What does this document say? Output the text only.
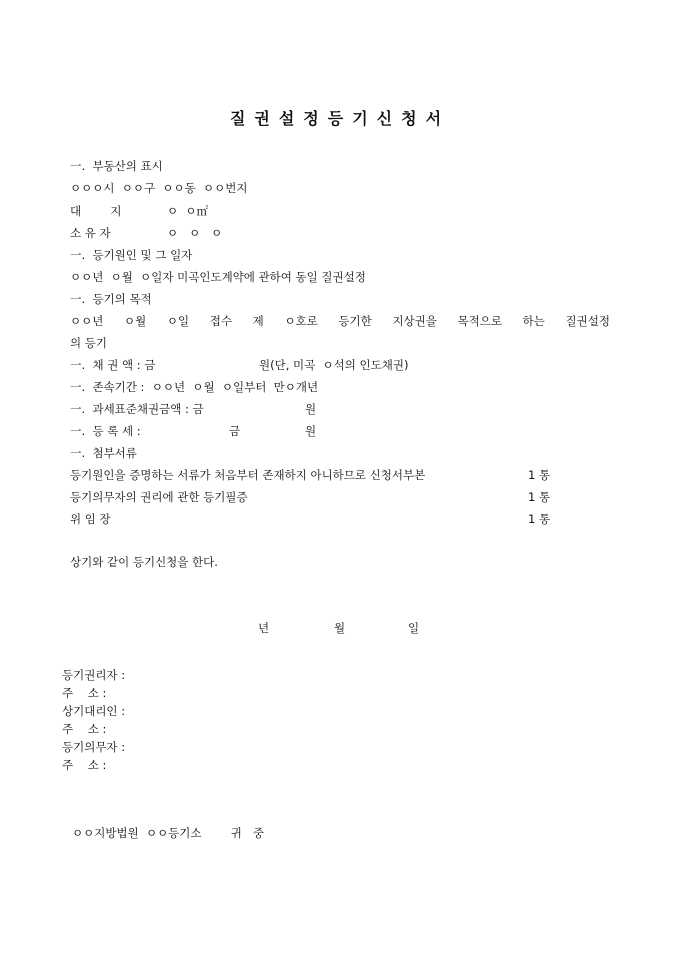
질권설정등기신청서
一.  부동산의 표시
ㅇㅇㅇ시  ㅇㅇ구  ㅇㅇ동  ㅇㅇ번지
대        지	ㅇ  ㅇ㎡
소 유 자	ㅇ   ㅇ   ㅇ
一.  등기원인 및 그 일자
ㅇㅇ년  ㅇ월  ㅇ일자 미곡인도계약에 관하여 동일 질권설정
一.  등기의 목적
ㅇㅇ년 ㅇ월 ㅇ일 접수 제 ㅇ호로 등기한 지상권을 목적으로 하는 질권설정
의 등기
一.  채 권 액 : 금	원(단, 미곡  ㅇ석의 인도채권)
一.  존속기간 :  ㅇㅇ년  ㅇ월  ㅇ일부터  만ㅇ개년
一.  과세표준채권금액 : 금	원
一.  등 록 세 :	금	원
一.  첨부서류
등기원인을 증명하는 서류가 처음부터 존재하지 아니하므로 신청서부본	1 통
등기의무자의 권리에 관한 등기필증	1 통
위 임 장	1 통
상기와 같이 등기신청을 한다.
년	월	일
등기권리자 :
주    소 :
상기대리인 :
주    소 :
등기의무자 :
주    소 :
ㅇㅇ지방법원  ㅇㅇ등기소        귀   중
